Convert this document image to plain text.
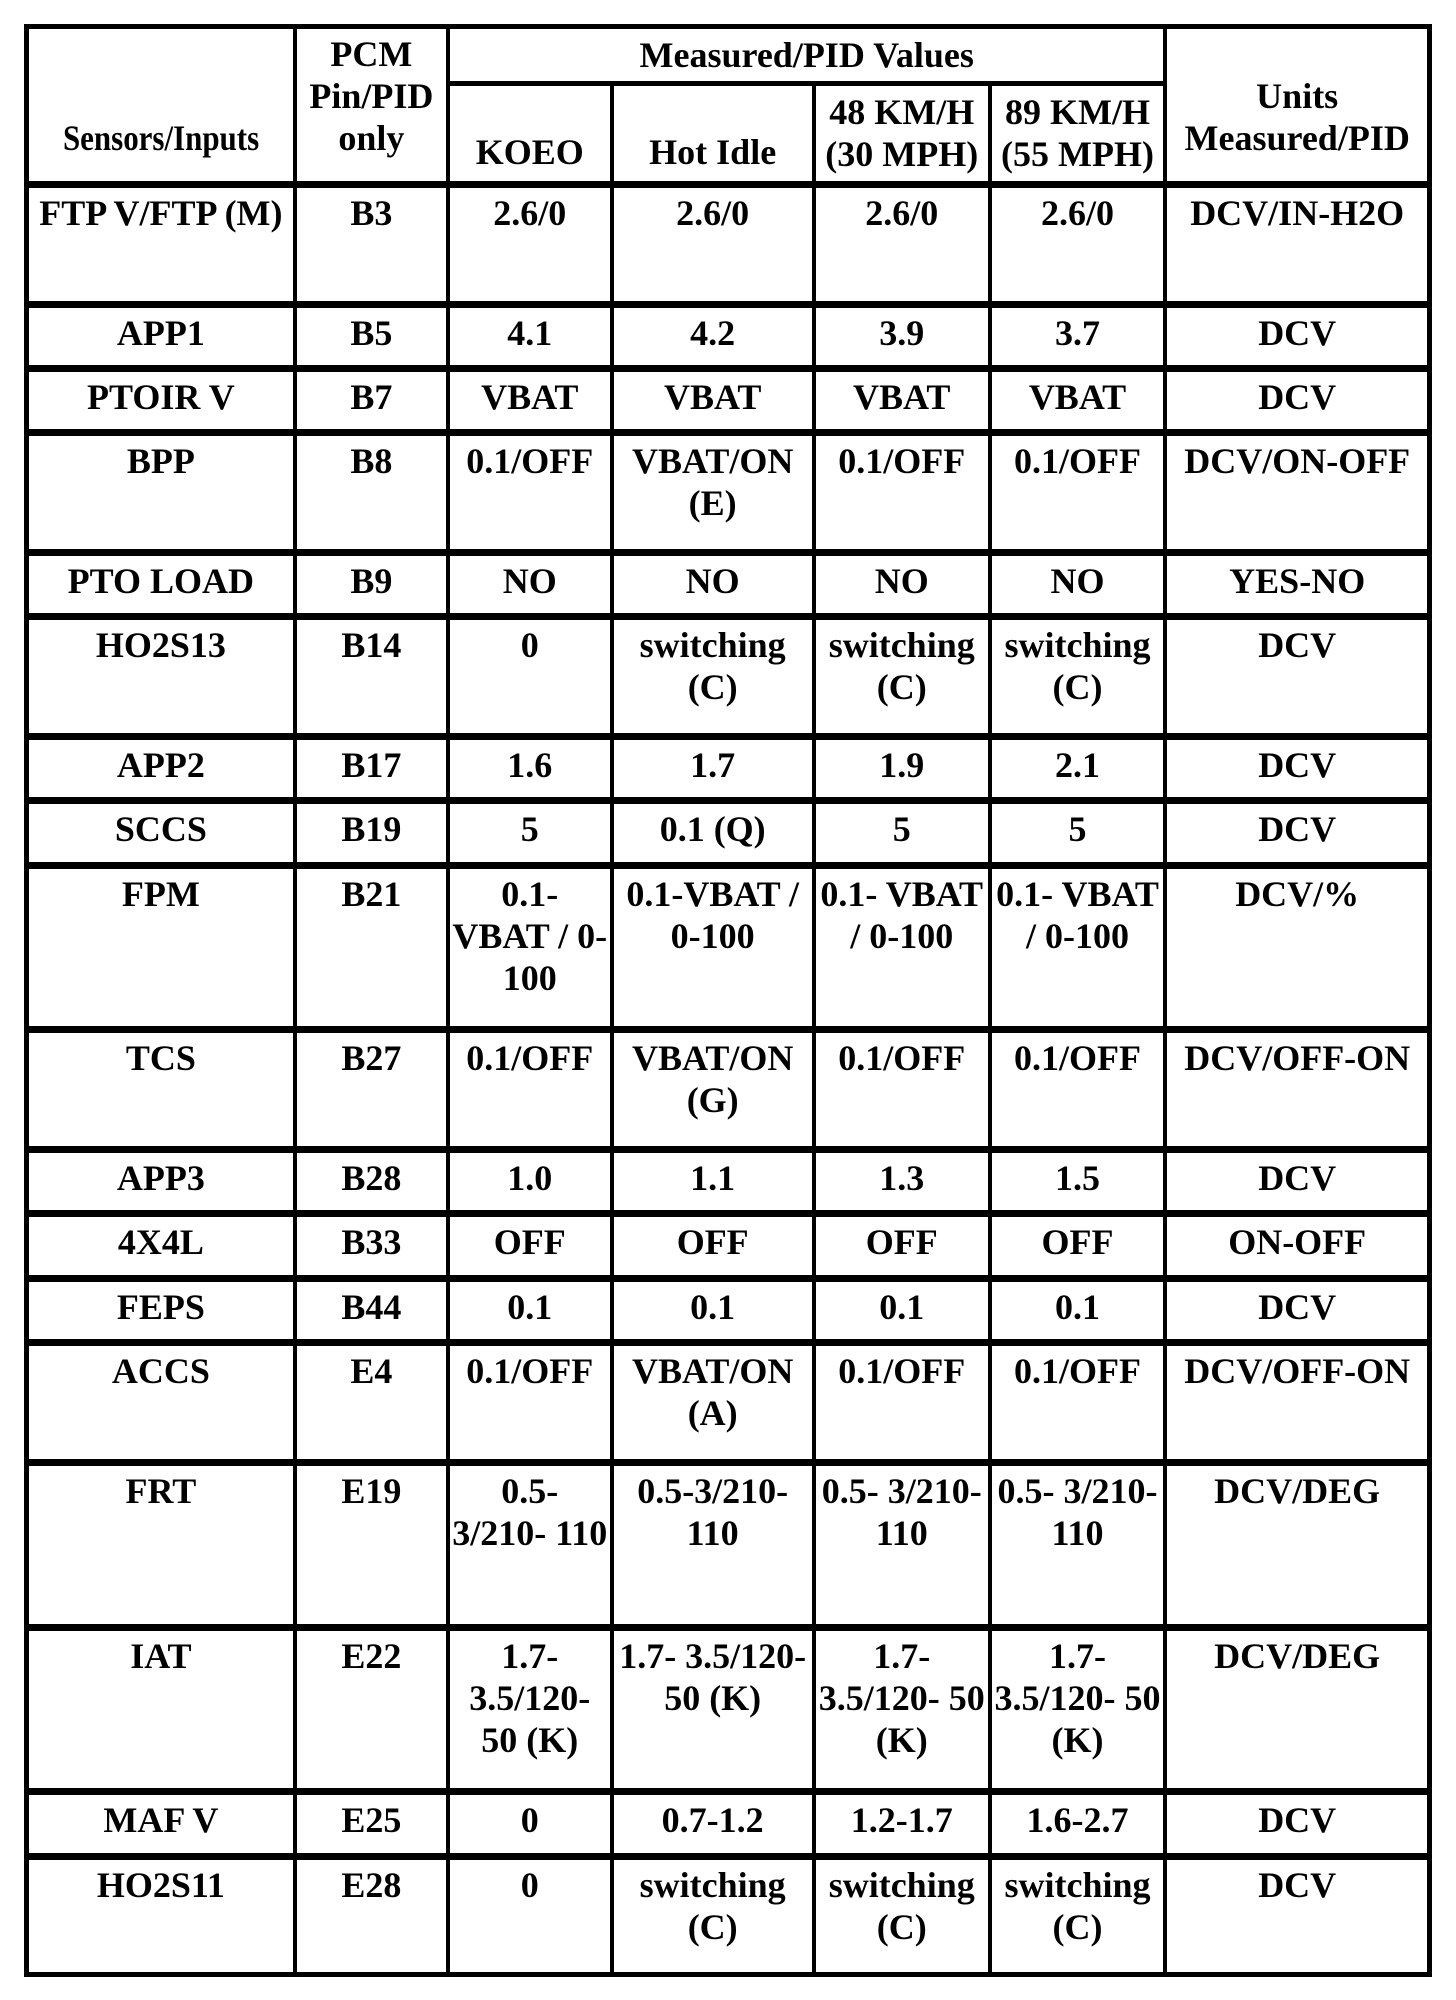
Sensors/Inputs	PCM Pin/PID only	Measured/PID Values				Units Measured/PID
		KOEO	Hot Idle	48 KM/H (30 MPH)	89 KM/H (55 MPH)	
FTP V/FTP (M)	B3	2.6/0	2.6/0	2.6/0	2.6/0	DCV/IN-H2O
APP1	B5	4.1	4.2	3.9	3.7	DCV
PTOIR V	B7	VBAT	VBAT	VBAT	VBAT	DCV
BPP	B8	0.1/OFF	VBAT/ON (E)	0.1/OFF	0.1/OFF	DCV/ON-OFF
PTO LOAD	B9	NO	NO	NO	NO	YES-NO
HO2S13	B14	0	switching (C)	switching (C)	switching (C)	DCV
APP2	B17	1.6	1.7	1.9	2.1	DCV
SCCS	B19	5	0.1 (Q)	5	5	DCV
FPM	B21	0.1- VBAT / 0-100	0.1-VBAT / 0-100	0.1- VBAT / 0-100	0.1- VBAT / 0-100	DCV/%
TCS	B27	0.1/OFF	VBAT/ON (G)	0.1/OFF	0.1/OFF	DCV/OFF-ON
APP3	B28	1.0	1.1	1.3	1.5	DCV
4X4L	B33	OFF	OFF	OFF	OFF	ON-OFF
FEPS	B44	0.1	0.1	0.1	0.1	DCV
ACCS	E4	0.1/OFF	VBAT/ON (A)	0.1/OFF	0.1/OFF	DCV/OFF-ON
FRT	E19	0.5- 3/210- 110	0.5-3/210- 110	0.5- 3/210- 110	0.5- 3/210- 110	DCV/DEG
IAT	E22	1.7- 3.5/120- 50 (K)	1.7- 3.5/120-50 (K)	1.7- 3.5/120- 50 (K)	1.7- 3.5/120- 50 (K)	DCV/DEG
MAF V	E25	0	0.7-1.2	1.2-1.7	1.6-2.7	DCV
HO2S11	E28	0	switching (C)	switching (C)	switching (C)	DCV
